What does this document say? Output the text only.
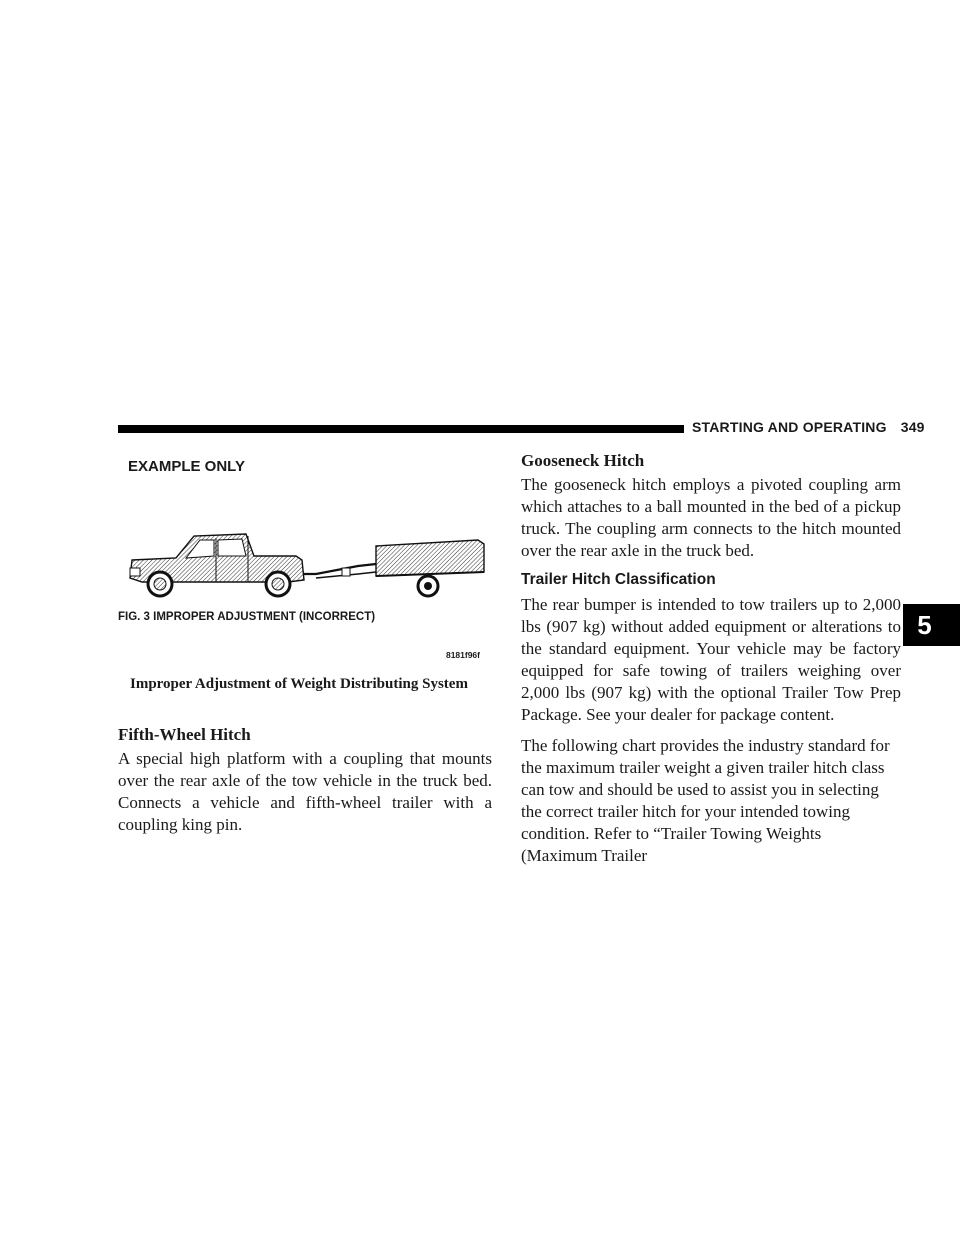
STARTING AND OPERATING 349
5
EXAMPLE ONLY
FIG. 3 IMPROPER ADJUSTMENT (INCORRECT)
8181f96f
Improper Adjustment of Weight Distributing System
Fifth-Wheel Hitch

A special high platform with a coupling that mounts over the rear axle of the tow vehicle in the truck bed. Connects a vehicle and fifth-wheel trailer with a coupling king pin.

Gooseneck Hitch

The gooseneck hitch employs a pivoted coupling arm which attaches to a ball mounted in the bed of a pickup truck. The coupling arm connects to the hitch mounted over the rear axle in the truck bed.

Trailer Hitch Classification

The rear bumper is intended to tow trailers up to 2,000 lbs (907 kg) without added equipment or alterations to the standard equipment. Your vehicle may be factory equipped for safe towing of trailers weighing over 2,000 lbs (907 kg) with the optional Trailer Tow Prep Package. See your dealer for package content.

The following chart provides the industry standard for the maximum trailer weight a given trailer hitch class can tow and should be used to assist you in selecting the correct trailer hitch for your intended towing condition. Refer to “Trailer Towing Weights (Maximum Trailer
